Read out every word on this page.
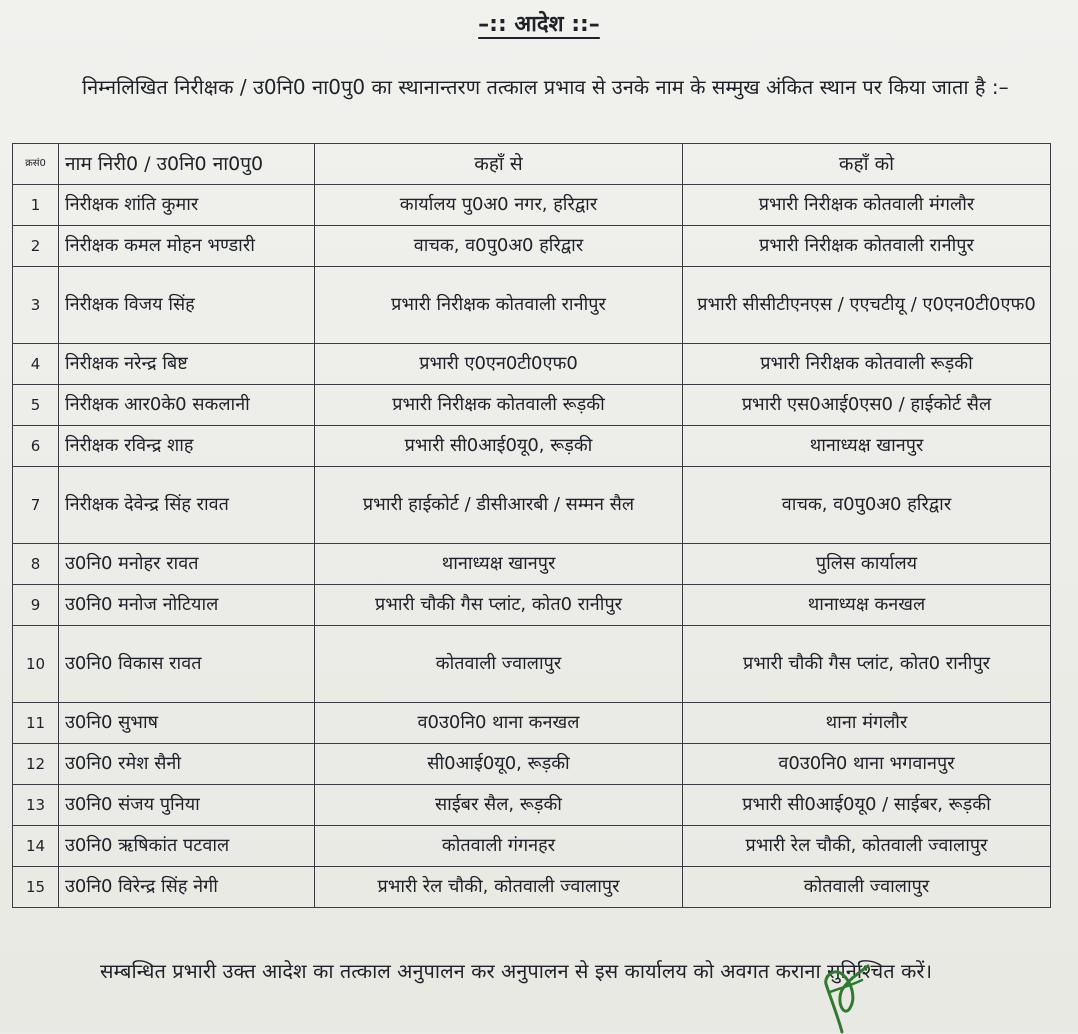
–:: आदेश ::–
निम्नलिखित निरीक्षक / उ0नि0 ना0पु0 का स्थानान्तरण तत्काल प्रभाव से उनके नाम के सम्मुख अंकित स्थान पर किया जाता है :–
क्रसं0	नाम निरी0 / उ0नि0 ना0पु0	कहाँ से	कहाँ को
1	निरीक्षक शांति कुमार	कार्यालय पु0अ0 नगर, हरिद्वार	प्रभारी निरीक्षक कोतवाली मंगलौर
2	निरीक्षक कमल मोहन भण्डारी	वाचक, व0पु0अ0 हरिद्वार	प्रभारी निरीक्षक कोतवाली रानीपुर
3	निरीक्षक विजय सिंह	प्रभारी निरीक्षक कोतवाली रानीपुर	प्रभारी सीसीटीएनएस / एएचटीयू / ए0एन0टी0एफ0
4	निरीक्षक नरेन्द्र बिष्ट	प्रभारी ए0एन0टी0एफ0	प्रभारी निरीक्षक कोतवाली रूड़की
5	निरीक्षक आर0के0 सकलानी	प्रभारी निरीक्षक कोतवाली रूड़की	प्रभारी एस0आई0एस0 / हाईकोर्ट सैल
6	निरीक्षक रविन्द्र शाह	प्रभारी सी0आई0यू0, रूड़की	थानाध्यक्ष खानपुर
7	निरीक्षक देवेन्द्र सिंह रावत	प्रभारी हाईकोर्ट / डीसीआरबी / सम्मन सैल	वाचक, व0पु0अ0 हरिद्वार
8	उ0नि0 मनोहर रावत	थानाध्यक्ष खानपुर	पुलिस कार्यालय
9	उ0नि0 मनोज नोटियाल	प्रभारी चौकी गैस प्लांट, कोत0 रानीपुर	थानाध्यक्ष कनखल
10	उ0नि0 विकास रावत	कोतवाली ज्वालापुर	प्रभारी चौकी गैस प्लांट, कोत0 रानीपुर
11	उ0नि0 सुभाष	व0उ0नि0 थाना कनखल	थाना मंगलौर
12	उ0नि0 रमेश सैनी	सी0आई0यू0, रूड़की	व0उ0नि0 थाना भगवानपुर
13	उ0नि0 संजय पुनिया	साईबर सैल, रूड़की	प्रभारी सी0आई0यू0 / साईबर, रूड़की
14	उ0नि0 ऋषिकांत पटवाल	कोतवाली गंगनहर	प्रभारी रेल चौकी, कोतवाली ज्वालापुर
15	उ0नि0 विरेन्द्र सिंह नेगी	प्रभारी रेल चौकी, कोतवाली ज्वालापुर	कोतवाली ज्वालापुर
सम्बन्धित प्रभारी उक्त आदेश का तत्काल अनुपालन कर अनुपालन से इस कार्यालय को अवगत कराना सुनिश्चित करें।
